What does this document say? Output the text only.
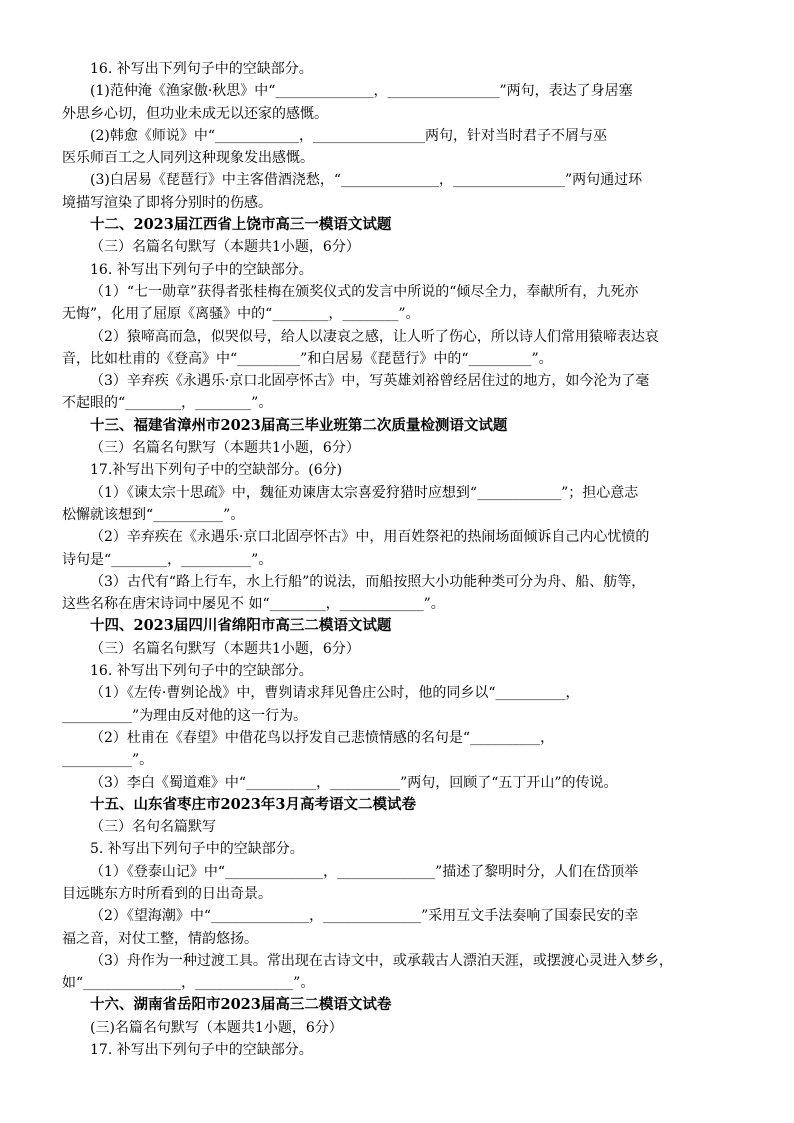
16. 补写出下列句子中的空缺部分。
(1)范仲淹《渔家傲·秋思》中“______________，________________”两句，表达了身居塞
外思乡心切，但功业未成无以还家的感慨。
(2)韩愈《师说》中“____________，________________两句，针对当时君子不屑与巫
医乐师百工之人同列这种现象发出感慨。
(3)白居易《琵琶行》中主客借酒浇愁，“______________，________________”两句通过环
境描写渲染了即将分别时的伤感。
十二、2023届江西省上饶市高三一模语文试题
（三）名篇名句默写（本题共1小题，6分）
16. 补写出下列句子中的空缺部分。
（1）“七一勋章”获得者张桂梅在颁奖仪式的发言中所说的“倾尽全力，奉献所有，九死亦
无悔”，化用了屈原《离骚》中的“________，________”。
（2）猿啼高而急，似哭似号，给人以凄哀之感，让人听了伤心，所以诗人们常用猿啼表达哀
音，比如杜甫的《登高》中“_________”和白居易《琵琶行》中的“_________”。
（3）辛弃疾《永遇乐·京口北固亭怀古》中，写英雄刘裕曾经居住过的地方，如今沦为了毫
不起眼的“________，________”。
十三、福建省漳州市2023届高三毕业班第二次质量检测语文试题
（三）名篇名句默写（本题共1小题，6分）
17.补写出下列句子中的空缺部分。(6分)
（1）《谏太宗十思疏》中，魏征劝谏唐太宗喜爱狩猎时应想到“____________”；担心意志
松懈就该想到“__________”。
（2）辛弃疾在《永遇乐·京口北固亭怀古》中，用百姓祭祀的热闹场面倾诉自己内心忧愤的
诗句是“________，__________”。
（3）古代有“路上行车，水上行船”的说法，而船按照大小功能种类可分为舟、船、舫等，
这些名称在唐宋诗词中屡见不 如“________，____________”。
十四、2023届四川省绵阳市高三二模语文试题
（三）名篇名句默写（本题共1小题，6分）
16. 补写出下列句子中的空缺部分。
（1）《左传·曹刿论战》中，曹刿请求拜见鲁庄公时，他的同乡以“__________，
__________”为理由反对他的这一行为。
（2）杜甫在《春望》中借花鸟以抒发自己悲愤情感的名句是“__________，
__________”。
（3）李白《蜀道难》中“__________，__________”两句，回顾了“五丁开山”的传说。
十五、山东省枣庄市2023年3月高考语文二模试卷
（三）名句名篇默写
5. 补写出下列句子中的空缺部分。
（1）《登泰山记》中“______________，______________”描述了黎明时分，人们在岱顶举
目远眺东方时所看到的日出奇景。
（2）《望海潮》中“______________，______________”采用互文手法奏响了国泰民安的幸
福之音，对仗工整，情韵悠扬。
（3）舟作为一种过渡工具。常出现在古诗文中，或承载古人漂泊天涯，或摆渡心灵进入梦乡，
如“______________，______________”。
十六、湖南省岳阳市2023届高三二模语文试卷
(三)名篇名句默写（本题共1小题，6分）
17. 补写出下列句子中的空缺部分。
